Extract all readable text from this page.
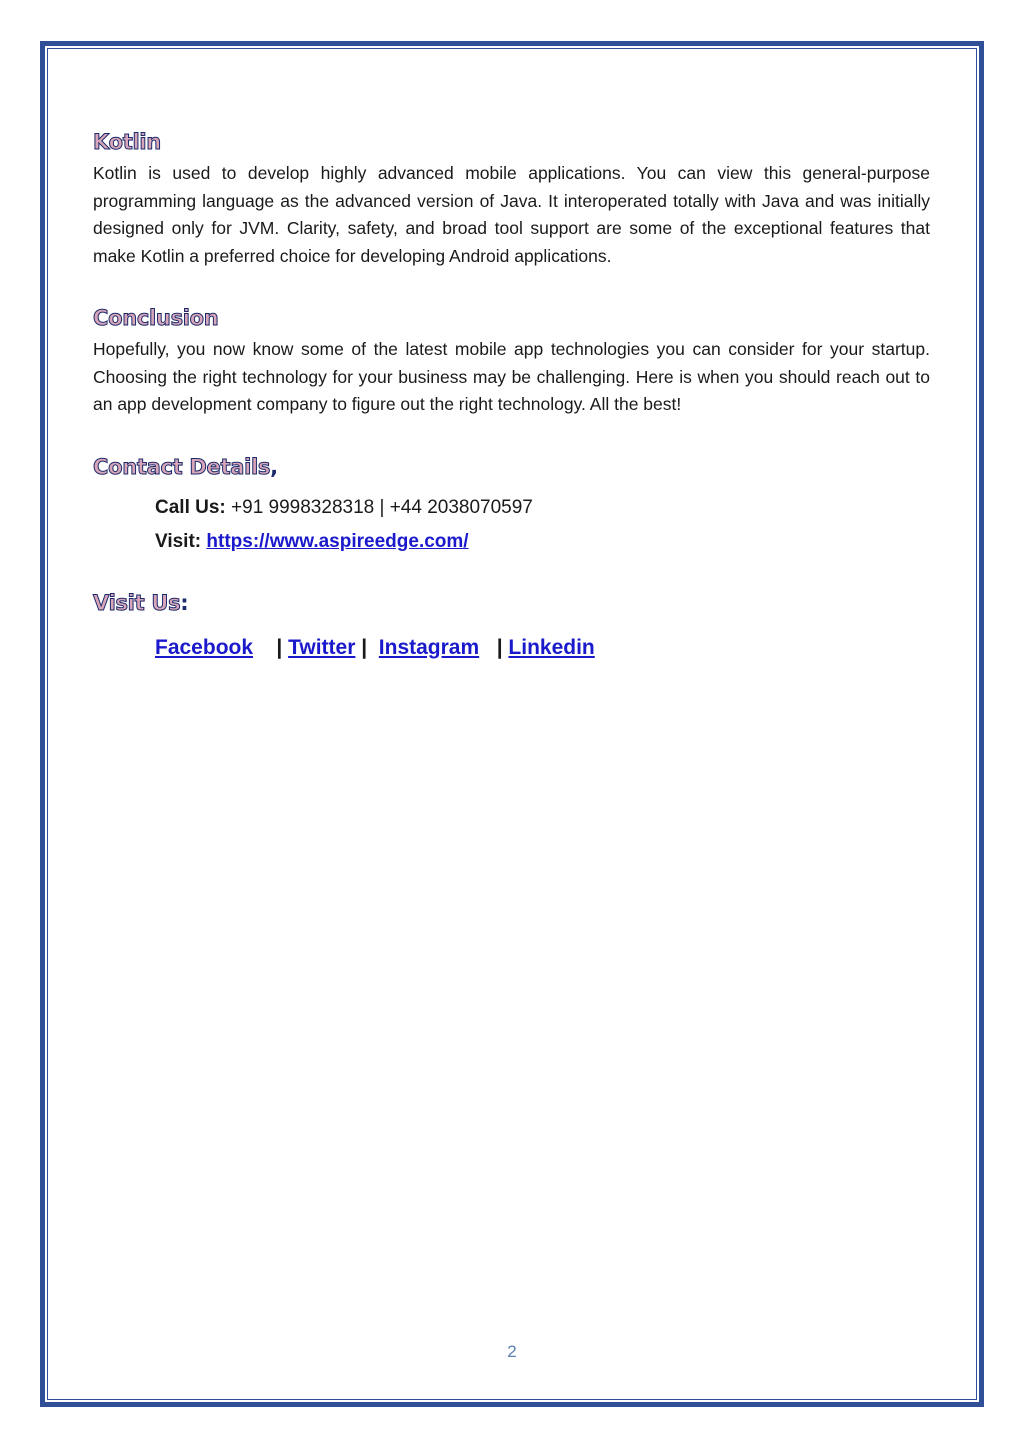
Kotlin

Kotlin is used to develop highly advanced mobile applications. You can view this general-purpose programming language as the advanced version of Java. It interoperated totally with Java and was initially designed only for JVM. Clarity, safety, and broad tool support are some of the exceptional features that make Kotlin a preferred choice for developing Android applications.

Conclusion

Hopefully, you now know some of the latest mobile app technologies you can consider for your startup. Choosing the right technology for your business may be challenging. Here is when you should reach out to an app development company to figure out the right technology. All the best!

Contact Details,
Call Us: +91 9998328318 | +44 2038070597
Visit: https://www.aspireedge.com/
Visit Us:
Facebook | Twitter | Instagram | Linkedin
2
